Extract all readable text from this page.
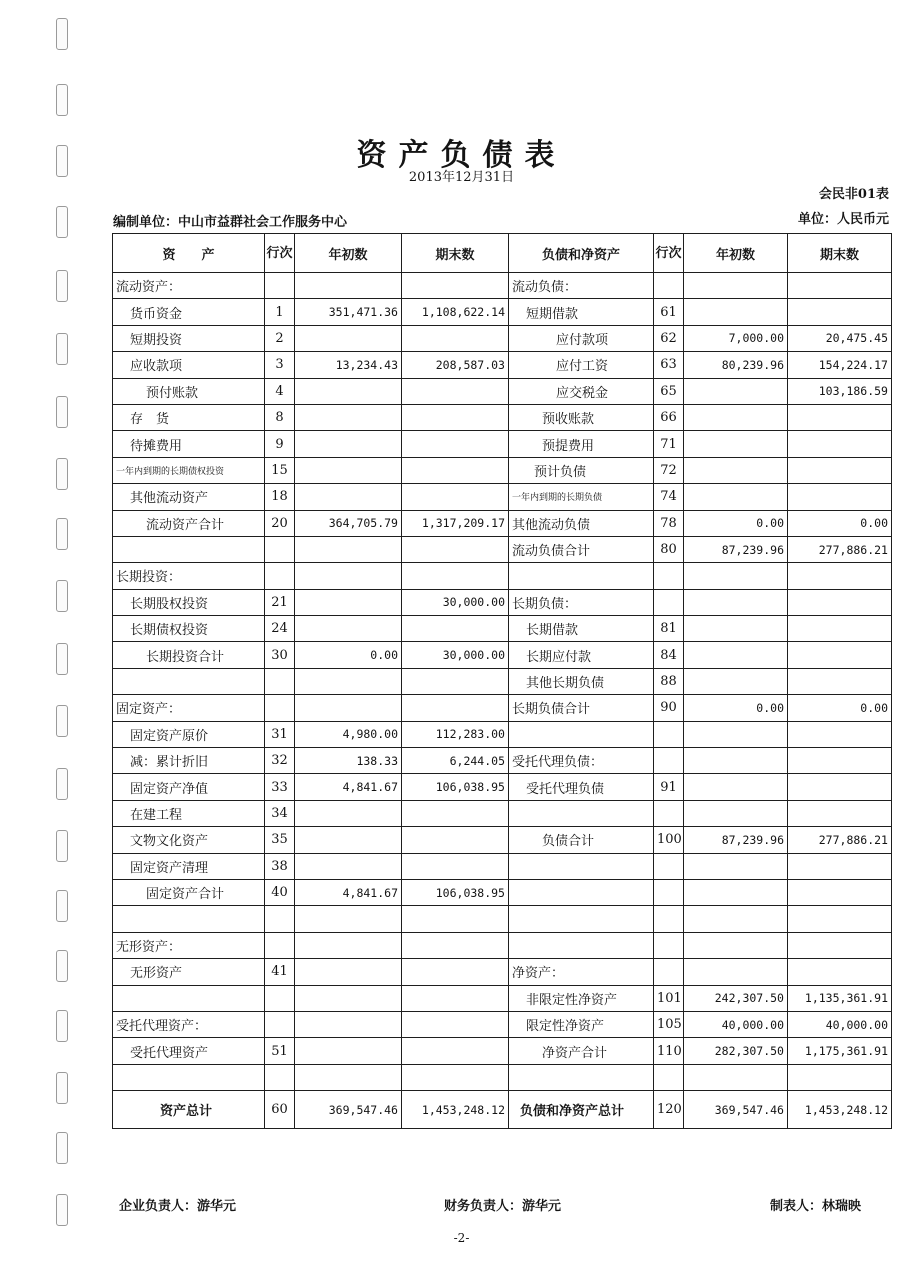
资产负债表
2013年12月31日
会民非01表
编制单位：中山市益群社会工作服务中心	单位：人民币元
资　　产	行次	年初数	期末数	负债和净资产	行次	年初数	期末数
流动资产：				流动负债：			
货币资金	1	351,471.36	1,108,622.14	短期借款	61		
短期投资	2			应付款项	62	7,000.00	20,475.45
应收款项	3	13,234.43	208,587.03	应付工资	63	80,239.96	154,224.17
预付账款	4			应交税金	65		103,186.59
存　货	8			预收账款	66		
待摊费用	9			预提费用	71		
一年内到期的长期债权投资	15			预计负债	72		
其他流动资产	18			一年内到期的长期负债	74		
流动资产合计	20	364,705.79	1,317,209.17	其他流动负债	78	0.00	0.00
				流动负债合计	80	87,239.96	277,886.21
长期投资：							
长期股权投资	21		30,000.00	长期负债：			
长期债权投资	24			长期借款	81		
长期投资合计	30	0.00	30,000.00	长期应付款	84		
				其他长期负债	88		
固定资产：				长期负债合计	90	0.00	0.00
固定资产原价	31	4,980.00	112,283.00				
减：累计折旧	32	138.33	6,244.05	受托代理负债：			
固定资产净值	33	4,841.67	106,038.95	受托代理负债	91		
在建工程	34						
文物文化资产	35			负债合计	100	87,239.96	277,886.21
固定资产清理	38						
固定资产合计	40	4,841.67	106,038.95				

无形资产：							
无形资产	41			净资产：			
				非限定性净资产	101	242,307.50	1,135,361.91
受托代理资产：				限定性净资产	105	40,000.00	40,000.00
受托代理资产	51			净资产合计	110	282,307.50	1,175,361.91

资产总计	60	369,547.46	1,453,248.12	负债和净资产总计	120	369,547.46	1,453,248.12
企业负责人：游华元	财务负责人：游华元	制表人：林瑞映
-2-
